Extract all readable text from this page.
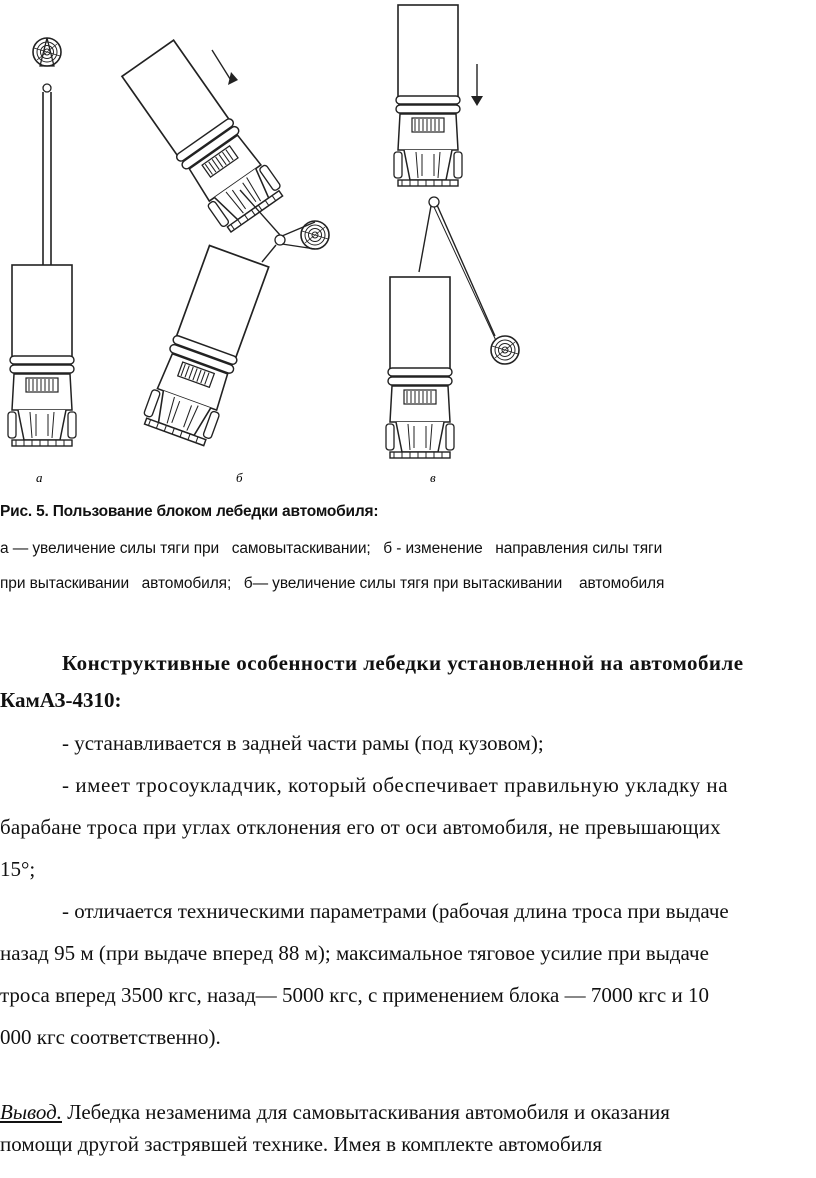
а	б	в
Рис. 5. Пользование блоком лебедки автомобиля:
а — увеличение силы тяги при   самовытаскивании;   б - изменение   направления силы тяги
при вытаскивании   автомобиля;   б— увеличение силы тягя при вытаскивании    автомобиля
Конструктивные особенности лебедки установленной на автомобиле
КамАЗ-4310:
- устанавливается в задней части рамы (под кузовом);
- имеет тросоукладчик, который обеспечивает правильную укладку на
барабане троса при углах отклонения его от оси автомобиля, не превышающих
15°;
- отличается техническими параметрами (рабочая длина троса при выдаче
назад 95 м (при выдаче вперед 88 м); максимальное тяговое усилие при выдаче
троса вперед 3500 кгс, назад— 5000 кгс, с применением блока — 7000 кгс и 10
000 кгс соответственно).
Вывод. Лебедка незаменима для самовытаскивания автомобиля и оказания
помощи другой застрявшей технике. Имея в комплекте автомобиля
